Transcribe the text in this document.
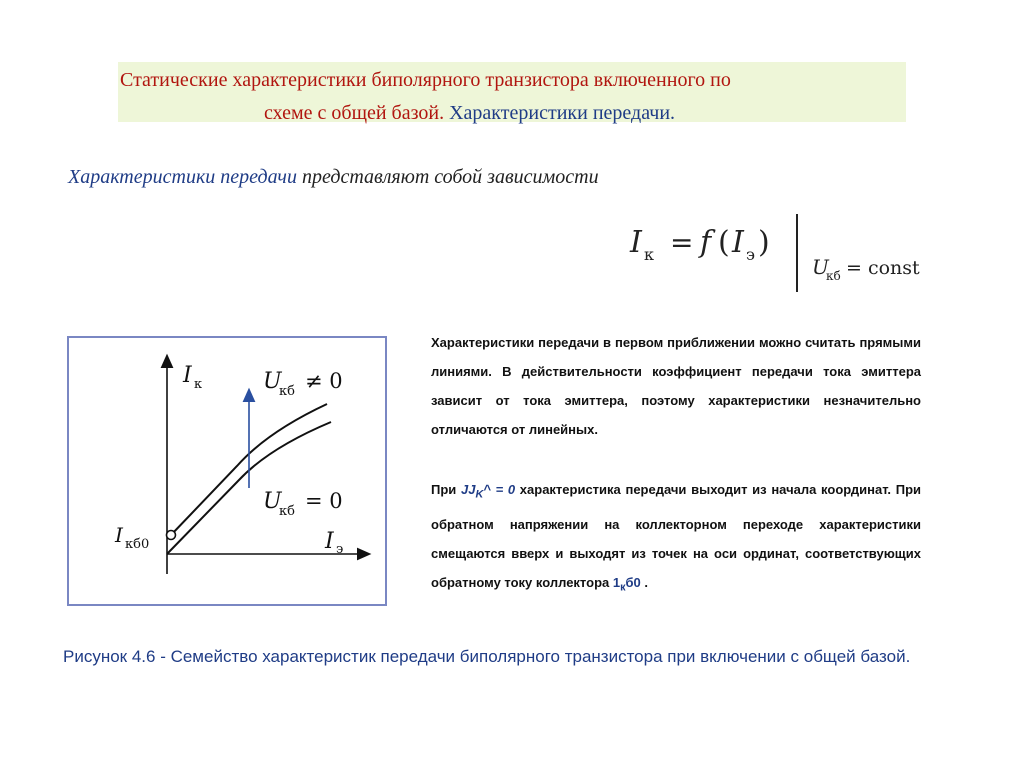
Статические характеристики биполярного транзистора включенного по
схеме с общей базой. Характеристики передачи.
Характеристики передачи представляют собой зависимости
I к = f ( I э )
U
кб = const
I к
I э
U
кб ≠ 0
U
кб = 0
I кб0
Характеристики передачи в первом приближении можно считать прямыми линиями. В действительности коэффициент передачи тока эмиттера зависит от тока эмиттера, поэтому характеристики незначительно отличаются от линейных.
При $JJ_K\^{} = 0$ характеристика передачи выходит из начала координат. При обратном напряжении на коллекторном переходе характеристики смещаются вверх и выходят из точек на оси ординат, соответствующих обратному току коллектора $1_кб0$ .
Рисунок 4.6 - Семейство характеристик передачи биполярного транзистора при включении с общей базой.
